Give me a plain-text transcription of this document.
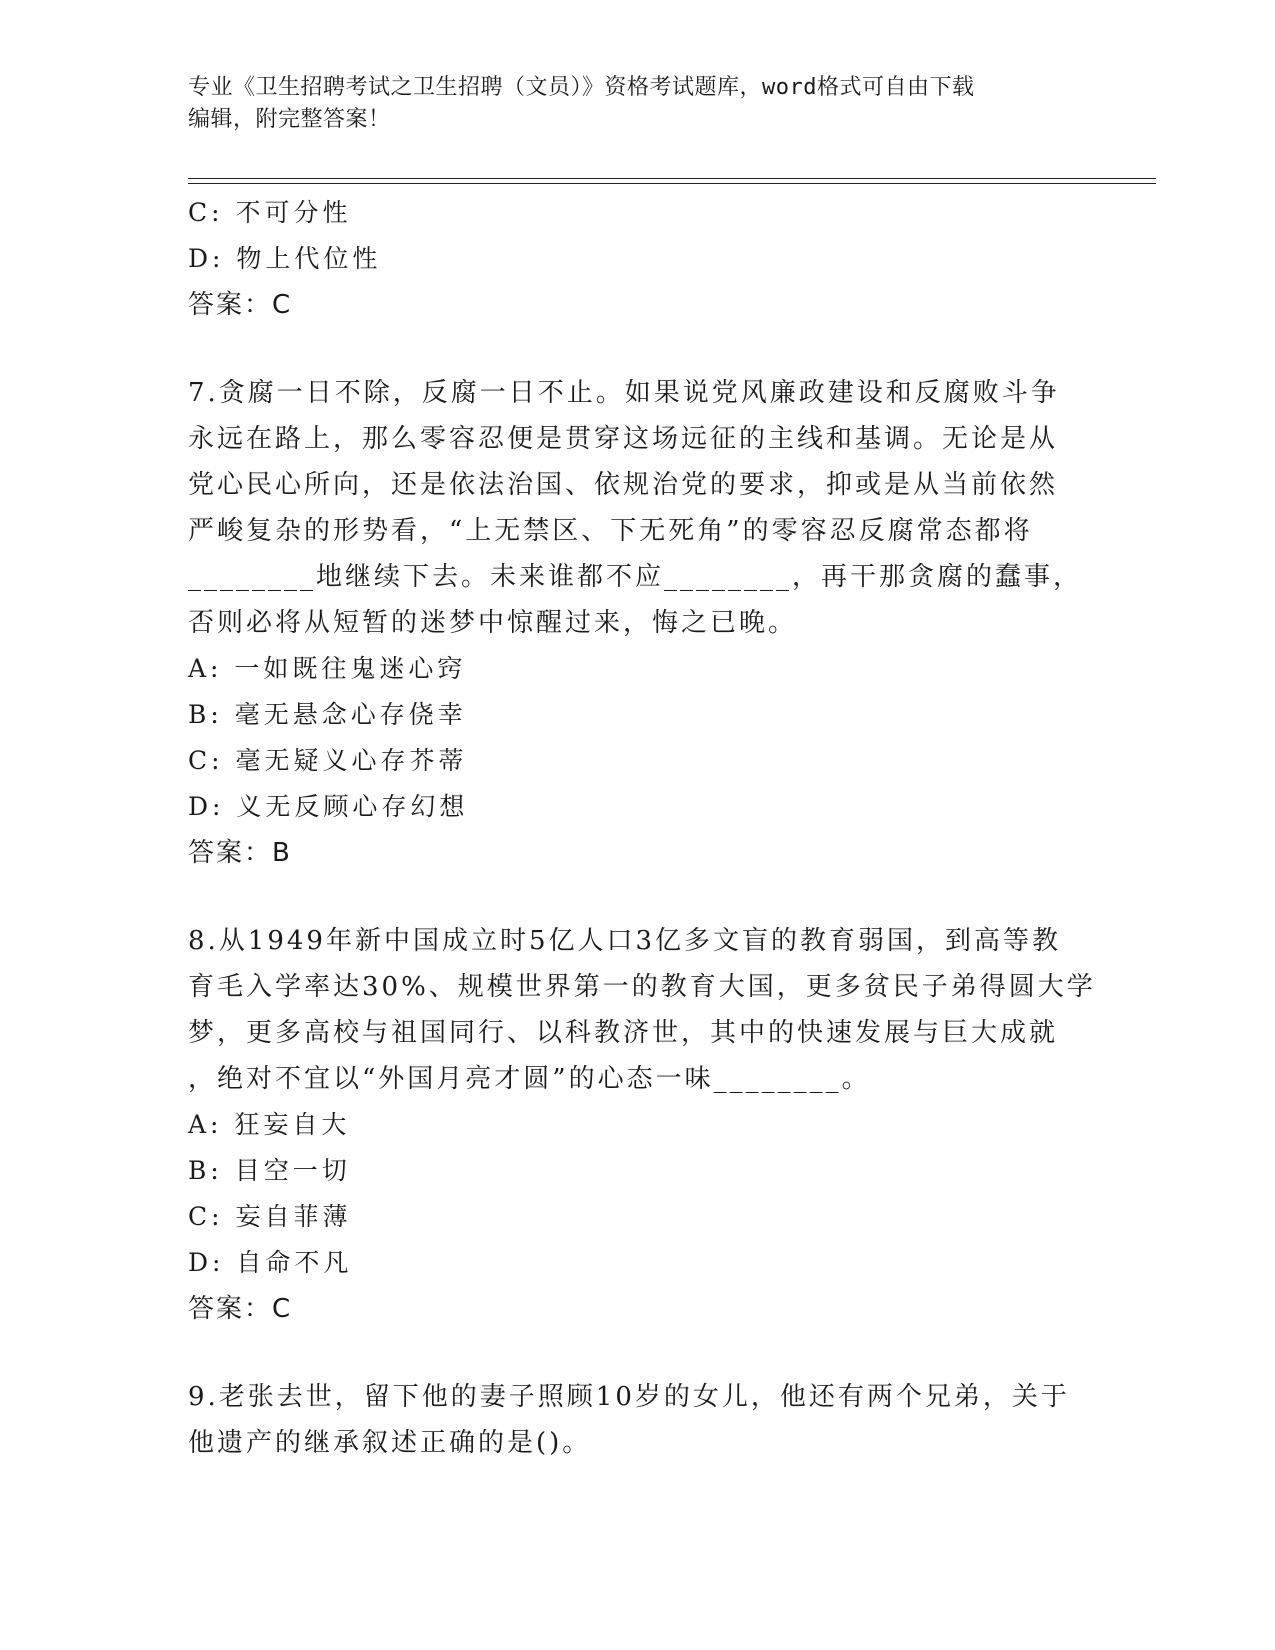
专业《卫生招聘考试之卫生招聘（文员）》资格考试题库，word格式可自由下载
编辑，附完整答案！
C: 不可分性
D: 物上代位性
答案：C
7.贪腐一日不除，反腐一日不止。如果说党风廉政建设和反腐败斗争
永远在路上，那么零容忍便是贯穿这场远征的主线和基调。无论是从
党心民心所向，还是依法治国、依规治党的要求，抑或是从当前依然
严峻复杂的形势看，“上无禁区、下无死角”的零容忍反腐常态都将
________地继续下去。未来谁都不应________，再干那贪腐的蠢事，
否则必将从短暂的迷梦中惊醒过来，悔之已晚。
A: 一如既往鬼迷心窍
B: 毫无悬念心存侥幸
C: 毫无疑义心存芥蒂
D: 义无反顾心存幻想
答案：B
8.从1949年新中国成立时5亿人口3亿多文盲的教育弱国，到高等教
育毛入学率达30%、规模世界第一的教育大国，更多贫民子弟得圆大学
梦，更多高校与祖国同行、以科教济世，其中的快速发展与巨大成就
，绝对不宜以“外国月亮才圆”的心态一味________。
A: 狂妄自大
B: 目空一切
C: 妄自菲薄
D: 自命不凡
答案：C
9.老张去世，留下他的妻子照顾10岁的女儿，他还有两个兄弟，关于
他遗产的继承叙述正确的是()。
